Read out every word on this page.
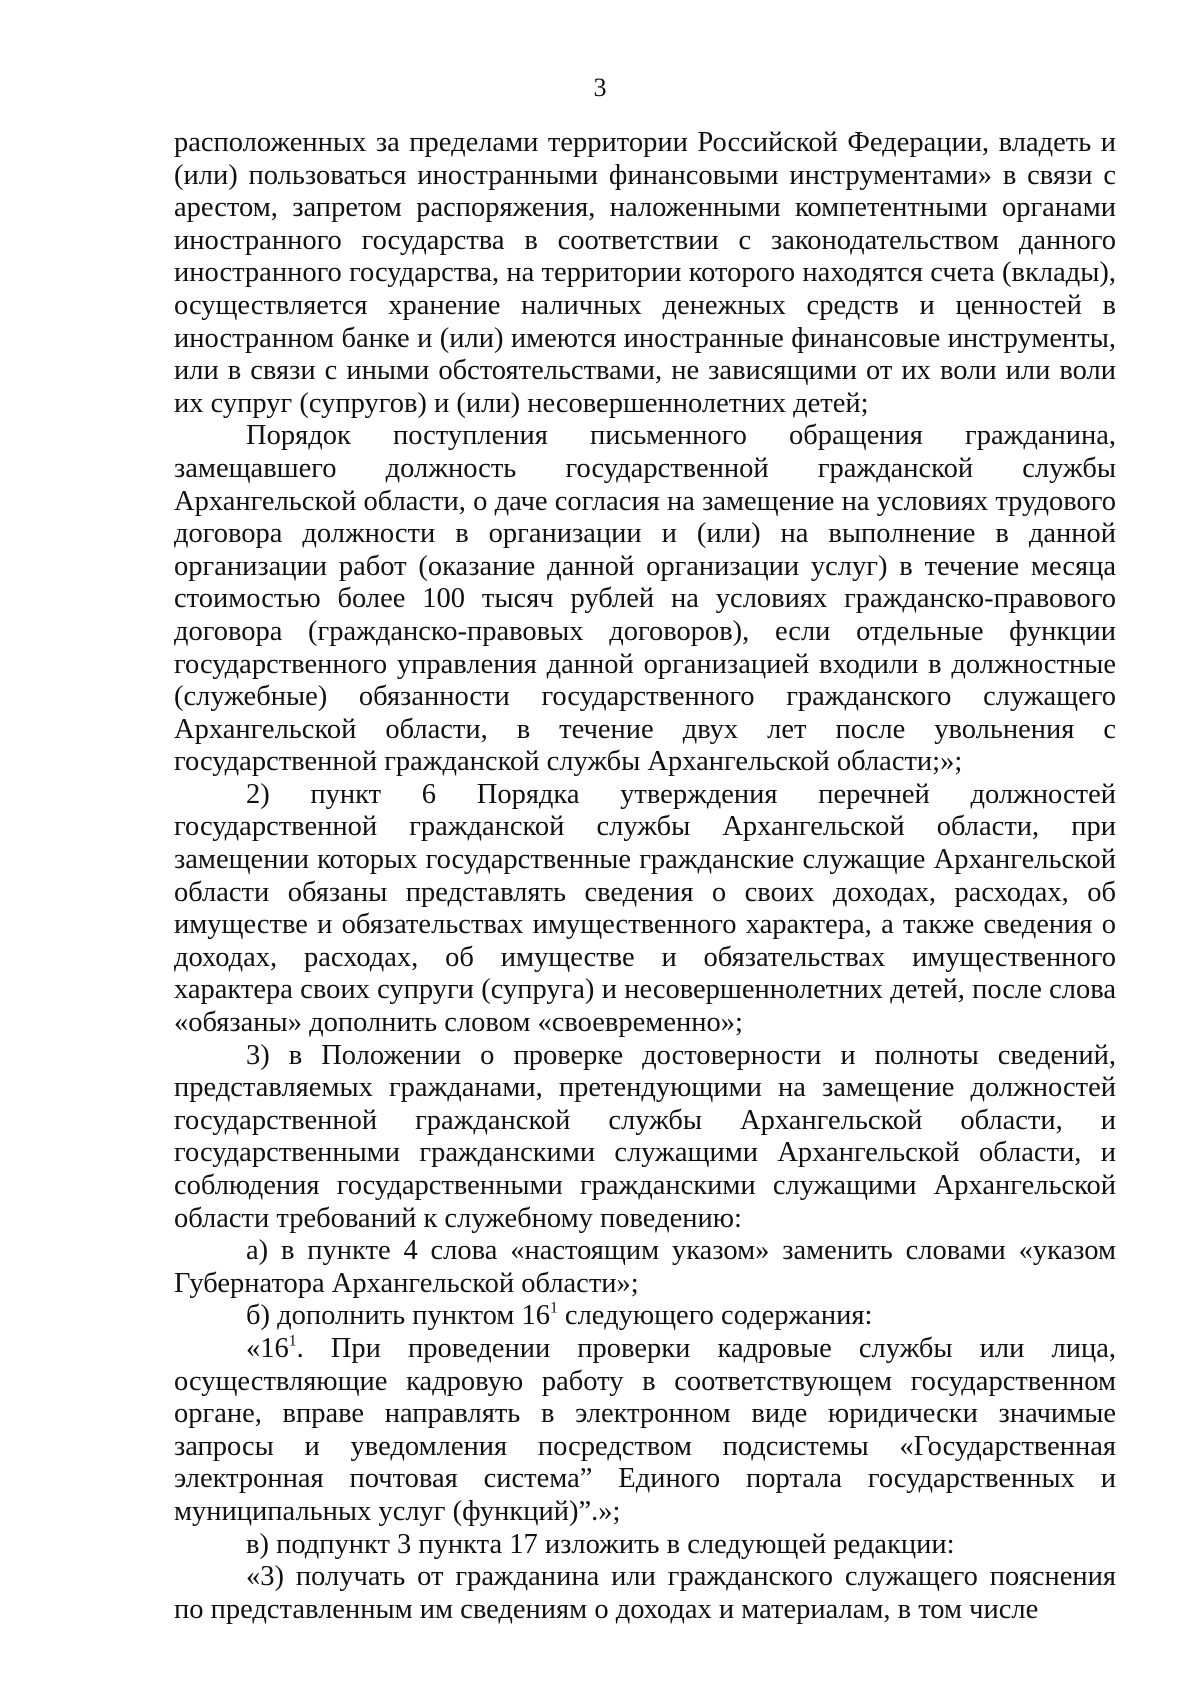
3

расположенных за пределами территории Российской Федерации, владеть и (или) пользоваться иностранными финансовыми инструментами» в связи с арестом, запретом распоряжения, наложенными компетентными органами иностранного государства в соответствии с законодательством данного иностранного государства, на территории которого находятся счета (вклады), осуществляется хранение наличных денежных средств и ценностей в иностранном банке и (или) имеются иностранные финансовые инструменты, или в связи с иными обстоятельствами, не зависящими от их воли или воли их супруг (супругов) и (или) несовершеннолетних детей;

Порядок поступления письменного обращения гражданина, замещавшего должность государственной гражданской службы Архангельской области, о даче согласия на замещение на условиях трудового договора должности в организации и (или) на выполнение в данной организации работ (оказание данной организации услуг) в течение месяца стоимостью более 100 тысяч рублей на условиях гражданско-правового договора (гражданско-правовых договоров), если отдельные функции государственного управления данной организацией входили в должностные (служебные) обязанности государственного гражданского служащего Архангельской области, в течение двух лет после увольнения с государственной гражданской службы Архангельской области;»;

2) пункт 6 Порядка утверждения перечней должностей государственной гражданской службы Архангельской области, при замещении которых государственные гражданские служащие Архангельской области обязаны представлять сведения о своих доходах, расходах, об имуществе и обязательствах имущественного характера, а также сведения о доходах, расходах, об имуществе и обязательствах имущественного характера своих супруги (супруга) и несовершеннолетних детей, после слова «обязаны» дополнить словом «своевременно»;

3) в Положении о проверке достоверности и полноты сведений, представляемых гражданами, претендующими на замещение должностей государственной гражданской службы Архангельской области, и государственными гражданскими служащими Архангельской области, и соблюдения государственными гражданскими служащими Архангельской области требований к служебному поведению:

а) в пункте 4 слова «настоящим указом» заменить словами «указом Губернатора Архангельской области»;

б) дополнить пунктом $16^1$ следующего содержания:

«$16^1$. При проведении проверки кадровые службы или лица, осуществляющие кадровую работу в соответствующем государственном органе, вправе направлять в электронном виде юридически значимые запросы и уведомления посредством подсистемы «Государственная электронная почтовая система” Единого портала государственных и муниципальных услуг (функций)”.»;

в) подпункт 3 пункта 17 изложить в следующей редакции:

«3) получать от гражданина или гражданского служащего пояснения по представленным им сведениям о доходах и материалам, в том числе
